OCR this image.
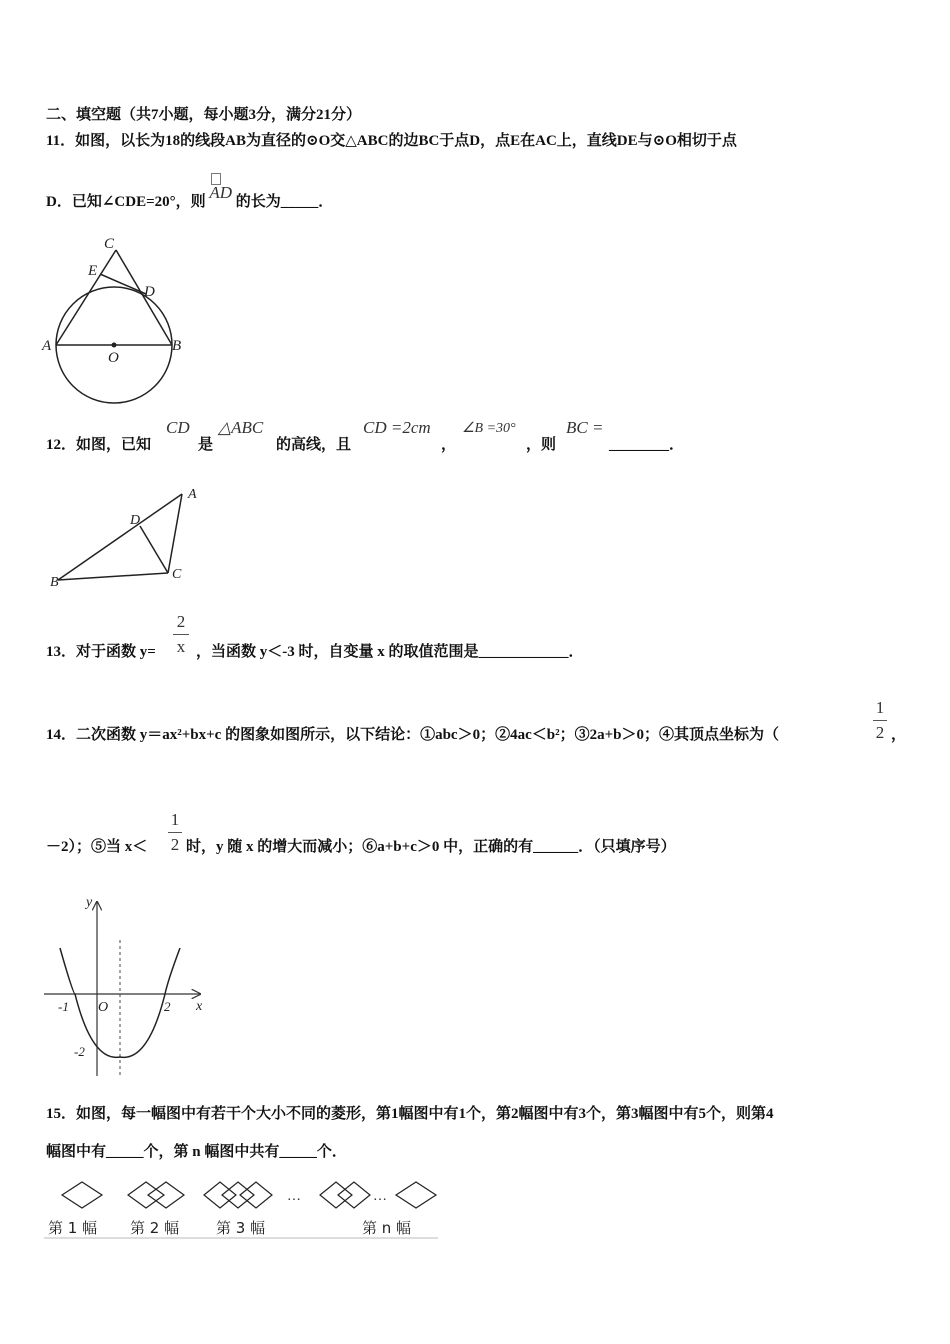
二、填空题（共7小题，每小题3分，满分21分）
11．如图，以长为18的线段AB为直径的⊙O交△ABC的边BC于点D，点E在AC上，直线DE与⊙O相切于点
D．已知∠CDE=20°，则 AD 的长为_____．
C
E
D
A
O
B
12．如图，已知
CD
是
△ABC
的高线，且
CD =2cm
，
∠B =30°
，则
BC =
________．
A
D
B
C
13．对于函数 y=
2
x ，当函数 y＜-3 时，自变量 x 的取值范围是____________．
14．二次函数 y＝ax²+bx+c 的图象如图所示，以下结论：①abc＞0；②4ac＜b²；③2a+b＞0；④其顶点坐标为（
1
2 ，
－2）；⑤当 x＜
1
2 时，y 随 x 的增大而减小；⑥a+b+c＞0 中，正确的有______．（只填序号）
y
x
-1 O	2
-2
15．如图，每一幅图中有若干个大小不同的菱形，第1幅图中有1个，第2幅图中有3个，第3幅图中有5个，则第4
幅图中有_____个，第 n 幅图中共有_____个．
…	…
第 1 幅 第 2 幅 第 3 幅	第 n 幅
